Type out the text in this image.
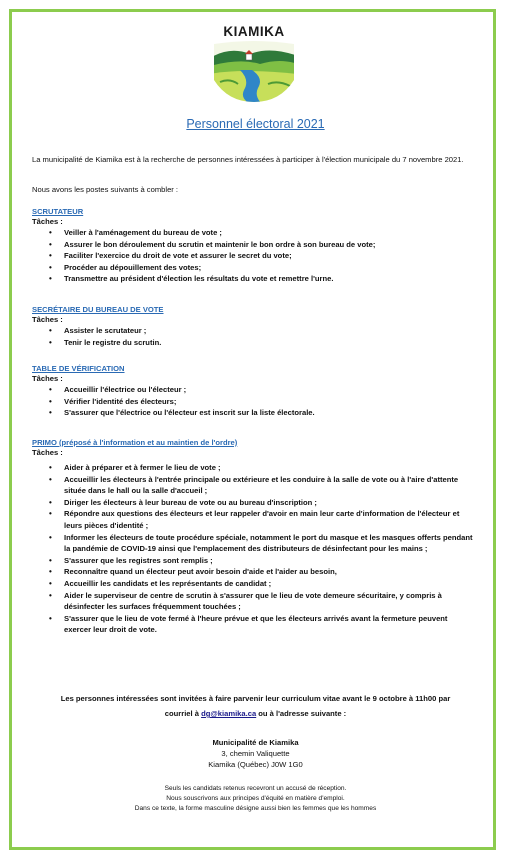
KIAMIKA
Personnel électoral 2021
La municipalité de Kiamika est à la recherche de personnes intéressées à participer à l'élection municipale du 7 novembre 2021.
Nous avons les postes suivants à combler :
SCRUTATEUR
Tâches :
• Veiller à l'aménagement du bureau de vote ;
• Assurer le bon déroulement du scrutin et maintenir le bon ordre à son bureau de vote;
• Faciliter l'exercice du droit de vote et assurer le secret du vote;
• Procéder au dépouillement des votes;
• Transmettre au président d'élection les résultats du vote et remettre l'urne.
SECRÉTAIRE DU BUREAU DE VOTE
Tâches :
• Assister le scrutateur ;
• Tenir le registre du scrutin.
TABLE DE VÉRIFICATION
Tâches :
• Accueillir l'électrice ou l'électeur ;
• Vérifier l'identité des électeurs;
• S'assurer que l'électrice ou l'électeur est inscrit sur la liste électorale.
PRIMO (préposé à l'information et au maintien de l'ordre)
Tâches :
• Aider à préparer et à fermer le lieu de vote ;
• Accueillir les électeurs à l'entrée principale ou extérieure et les conduire à la salle de vote ou à l'aire d'attente située dans le hall ou la salle d'accueil ;
• Diriger les électeurs à leur bureau de vote ou au bureau d'inscription ;
• Répondre aux questions des électeurs et leur rappeler d'avoir en main leur carte d'information de l'électeur et leurs pièces d'identité ;
• Informer les électeurs de toute procédure spéciale, notamment le port du masque et les masques offerts pendant la pandémie de COVID-19 ainsi que l'emplacement des distributeurs de désinfectant pour les mains ;
• S'assurer que les registres sont remplis ;
• Reconnaître quand un électeur peut avoir besoin d'aide et l'aider au besoin,
• Accueillir les candidats et les représentants de candidat ;
• Aider le superviseur de centre de scrutin à s'assurer que le lieu de vote demeure sécuritaire, y compris à désinfecter les surfaces fréquemment touchées ;
• S'assurer que le lieu de vote fermé à l'heure prévue et que les électeurs arrivés avant la fermeture peuvent exercer leur droit de vote.
Les personnes intéressées sont invitées à faire parvenir leur curriculum vitae avant le 9 octobre à 11h00 par
courriel à dg@kiamika.ca ou à l'adresse suivante :
Municipalité de Kiamika
3, chemin Valiquette
Kiamika (Québec) J0W 1G0
Seuls les candidats retenus recevront un accusé de réception.
Nous souscrivons aux principes d'équité en matière d'emploi.
Dans ce texte, la forme masculine désigne aussi bien les femmes que les hommes
